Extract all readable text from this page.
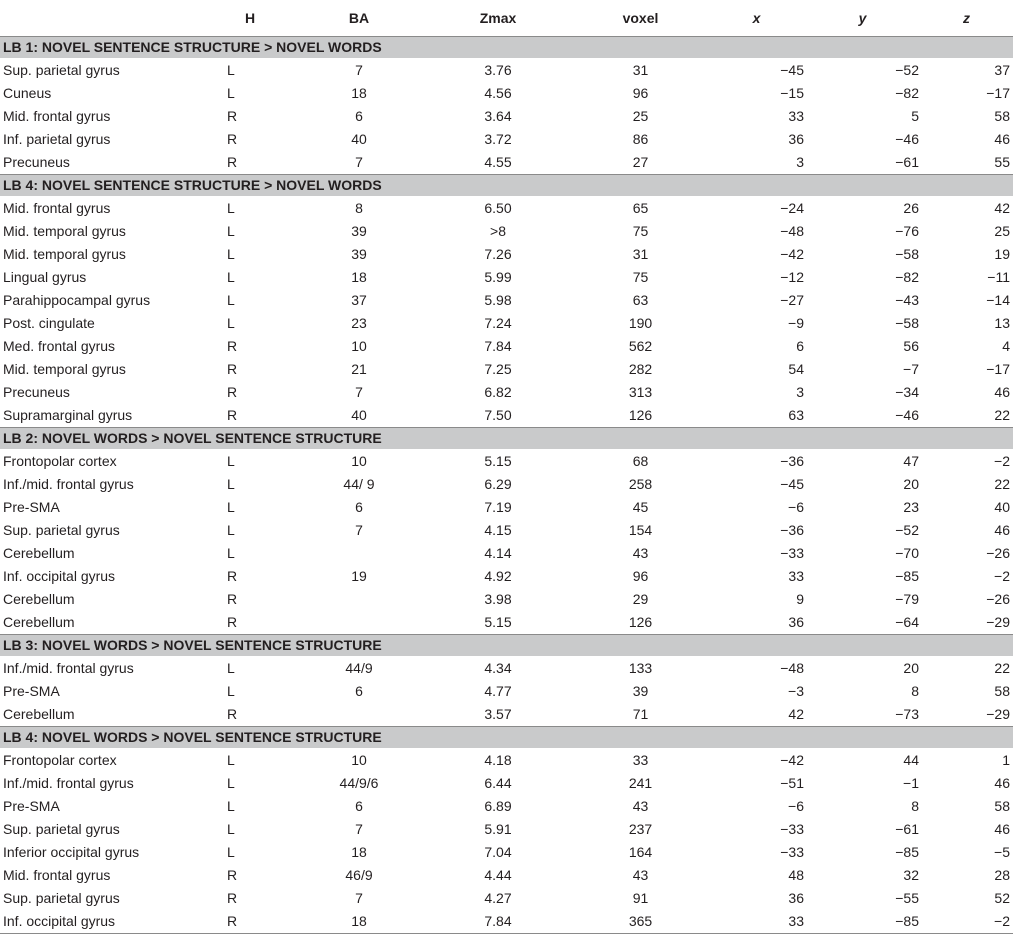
	H	BA	Zmax	voxel	x	y	z
LB 1: NOVEL SENTENCE STRUCTURE > NOVEL WORDS							
Sup. parietal gyrus	L	7	3.76	31	−45	−52	37
Cuneus	L	18	4.56	96	−15	−82	−17
Mid. frontal gyrus	R	6	3.64	25	33	5	58
Inf. parietal gyrus	R	40	3.72	86	36	−46	46
Precuneus	R	7	4.55	27	3	−61	55
LB 4: NOVEL SENTENCE STRUCTURE > NOVEL WORDS							
Mid. frontal gyrus	L	8	6.50	65	−24	26	42
Mid. temporal gyrus	L	39	>8	75	−48	−76	25
Mid. temporal gyrus	L	39	7.26	31	−42	−58	19
Lingual gyrus	L	18	5.99	75	−12	−82	−11
Parahippocampal gyrus	L	37	5.98	63	−27	−43	−14
Post. cingulate	L	23	7.24	190	−9	−58	13
Med. frontal gyrus	R	10	7.84	562	6	56	4
Mid. temporal gyrus	R	21	7.25	282	54	−7	−17
Precuneus	R	7	6.82	313	3	−34	46
Supramarginal gyrus	R	40	7.50	126	63	−46	22
LB 2: NOVEL WORDS > NOVEL SENTENCE STRUCTURE							
Frontopolar cortex	L	10	5.15	68	−36	47	−2
Inf./mid. frontal gyrus	L	44/ 9	6.29	258	−45	20	22
Pre-SMA	L	6	7.19	45	−6	23	40
Sup. parietal gyrus	L	7	4.15	154	−36	−52	46
Cerebellum	L		4.14	43	−33	−70	−26
Inf. occipital gyrus	R	19	4.92	96	33	−85	−2
Cerebellum	R		3.98	29	9	−79	−26
Cerebellum	R		5.15	126	36	−64	−29
LB 3: NOVEL WORDS > NOVEL SENTENCE STRUCTURE							
Inf./mid. frontal gyrus	L	44/9	4.34	133	−48	20	22
Pre-SMA	L	6	4.77	39	−3	8	58
Cerebellum	R		3.57	71	42	−73	−29
LB 4: NOVEL WORDS > NOVEL SENTENCE STRUCTURE							
Frontopolar cortex	L	10	4.18	33	−42	44	1
Inf./mid. frontal gyrus	L	44/9/6	6.44	241	−51	−1	46
Pre-SMA	L	6	6.89	43	−6	8	58
Sup. parietal gyrus	L	7	5.91	237	−33	−61	46
Inferior occipital gyrus	L	18	7.04	164	−33	−85	−5
Mid. frontal gyrus	R	46/9	4.44	43	48	32	28
Sup. parietal gyrus	R	7	4.27	91	36	−55	52
Inf. occipital gyrus	R	18	7.84	365	33	−85	−2
